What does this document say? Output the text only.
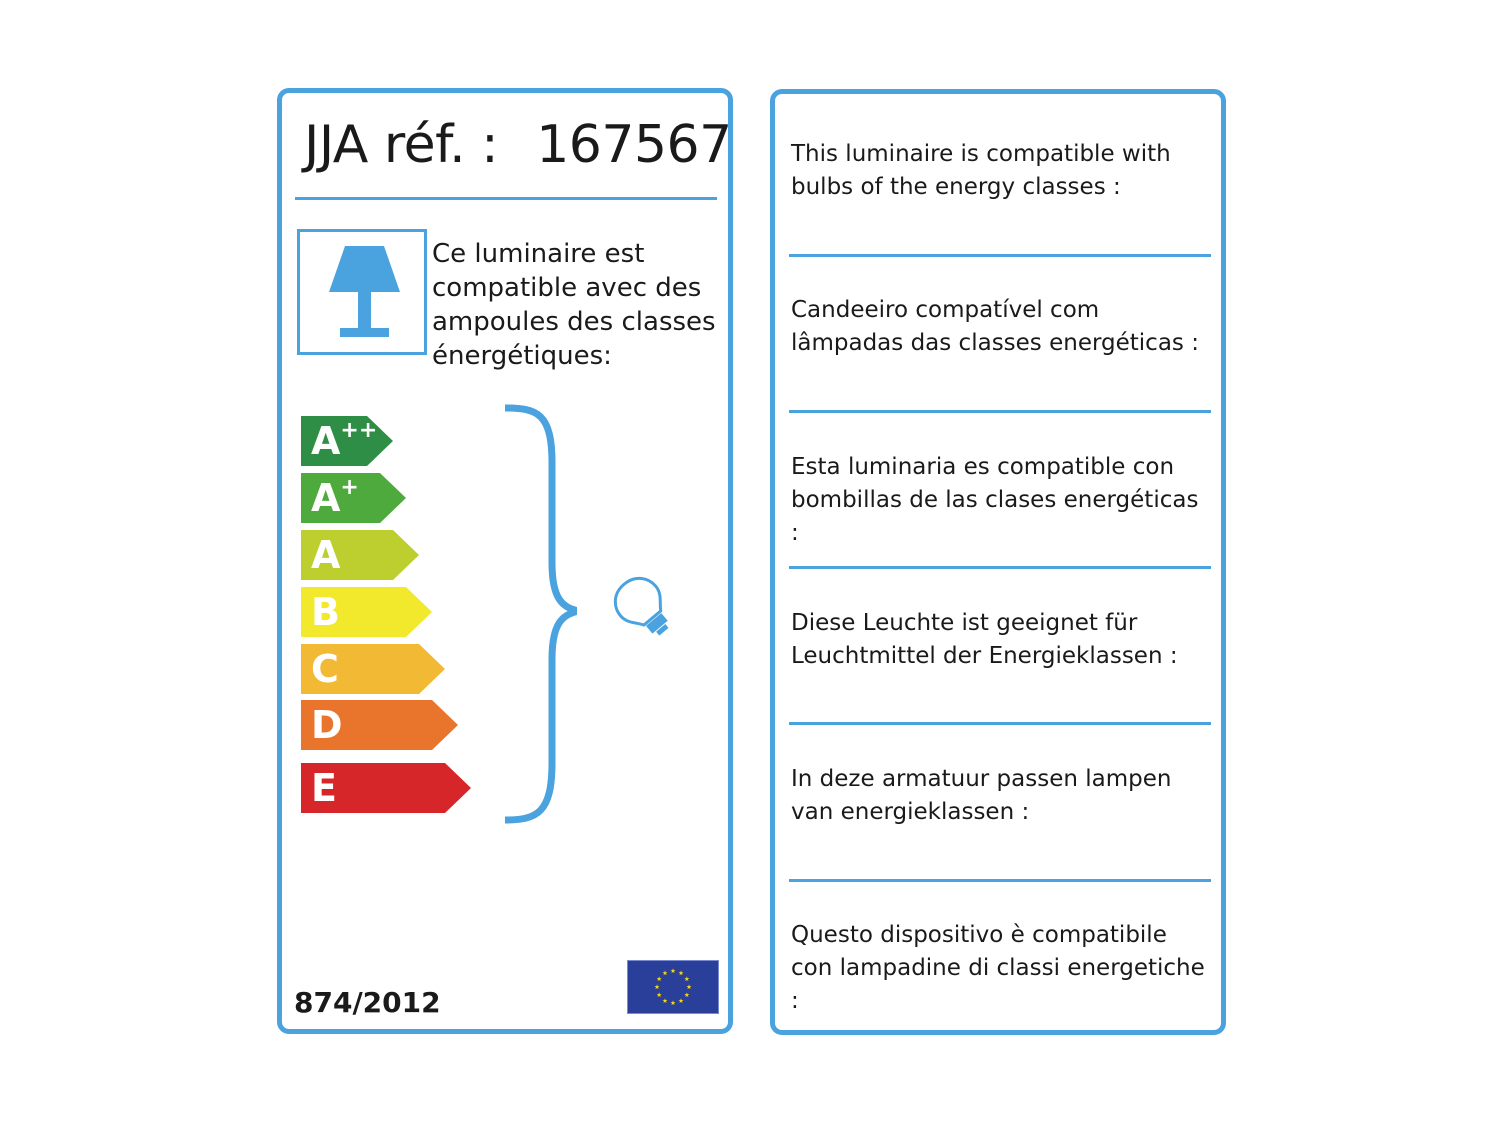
JJA réf. : 167567
Ce luminaire est compatible avec des ampoules des classes énergétiques:
874/2012
A++
A+
A
B
C
D
E
This luminaire is compatible with bulbs of the energy classes :
Candeeiro compatível com lâmpadas das classes energéticas :
Esta luminaria es compatible con bombillas de las clases energéticas :
Diese Leuchte ist geeignet für Leuchtmittel der Energieklassen :
In deze armatuur passen lampen van energieklassen :
Questo dispositivo è compatibile con lampadine di classi energetiche :
